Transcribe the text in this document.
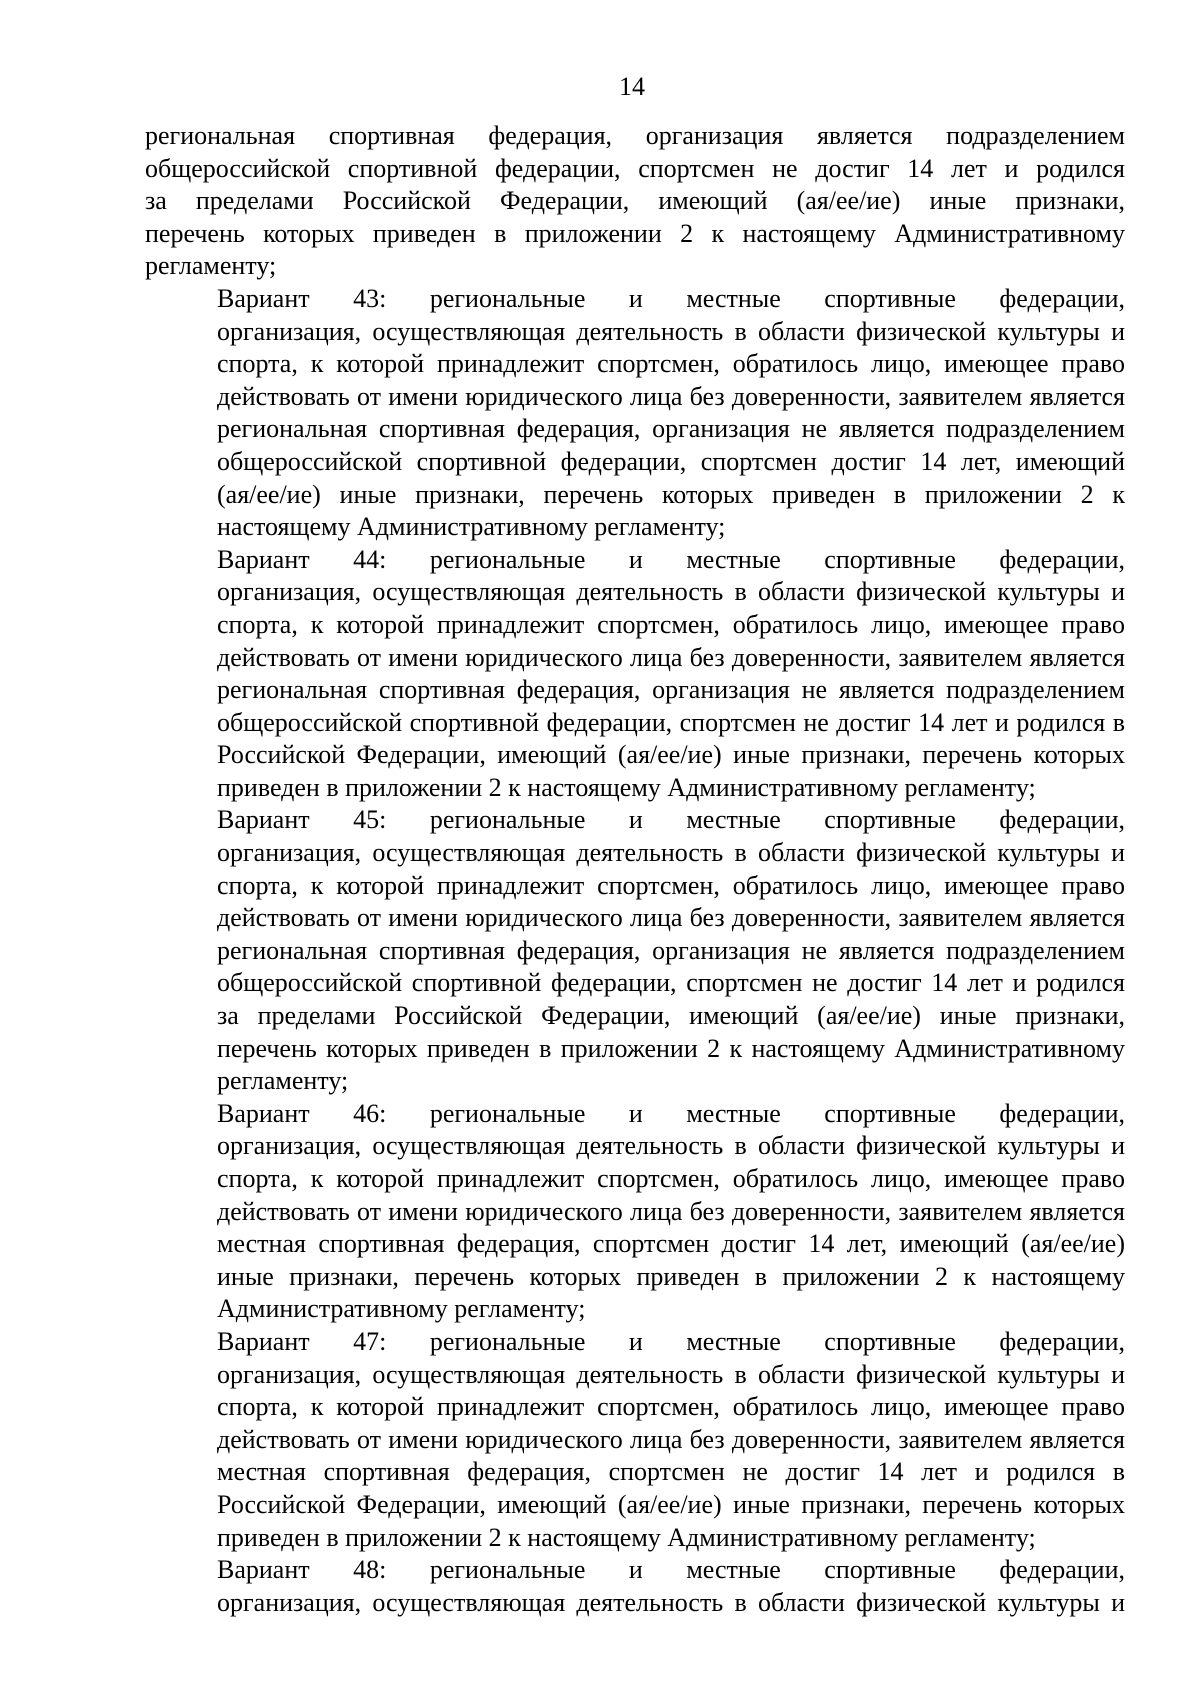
14
региональная спортивная федерация, организация является подразделением
общероссийской спортивной федерации, спортсмен не достиг 14 лет и родился
за пределами Российской Федерации, имеющий (ая/ее/ие) иные признаки,
перечень которых приведен в приложении 2 к настоящему Административному
регламенту;
Вариант 43: региональные и местные спортивные федерации,
организация, осуществляющая деятельность в области физической культуры и
спорта, к которой принадлежит спортсмен, обратилось лицо, имеющее право
действовать от имени юридического лица без доверенности, заявителем является
региональная спортивная федерация, организация не является подразделением
общероссийской спортивной федерации, спортсмен достиг 14 лет, имеющий
(ая/ее/ие) иные признаки, перечень которых приведен в приложении 2 к
настоящему Административному регламенту;
Вариант 44: региональные и местные спортивные федерации,
организация, осуществляющая деятельность в области физической культуры и
спорта, к которой принадлежит спортсмен, обратилось лицо, имеющее право
действовать от имени юридического лица без доверенности, заявителем является
региональная спортивная федерация, организация не является подразделением
общероссийской спортивной федерации, спортсмен не достиг 14 лет и родился в
Российской Федерации, имеющий (ая/ее/ие) иные признаки, перечень которых
приведен в приложении 2 к настоящему Административному регламенту;
Вариант 45: региональные и местные спортивные федерации,
организация, осуществляющая деятельность в области физической культуры и
спорта, к которой принадлежит спортсмен, обратилось лицо, имеющее право
действовать от имени юридического лица без доверенности, заявителем является
региональная спортивная федерация, организация не является подразделением
общероссийской спортивной федерации, спортсмен не достиг 14 лет и родился
за пределами Российской Федерации, имеющий (ая/ее/ие) иные признаки,
перечень которых приведен в приложении 2 к настоящему Административному
регламенту;
Вариант 46: региональные и местные спортивные федерации,
организация, осуществляющая деятельность в области физической культуры и
спорта, к которой принадлежит спортсмен, обратилось лицо, имеющее право
действовать от имени юридического лица без доверенности, заявителем является
местная спортивная федерация, спортсмен достиг 14 лет, имеющий (ая/ее/ие)
иные признаки, перечень которых приведен в приложении 2 к настоящему
Административному регламенту;
Вариант 47: региональные и местные спортивные федерации,
организация, осуществляющая деятельность в области физической культуры и
спорта, к которой принадлежит спортсмен, обратилось лицо, имеющее право
действовать от имени юридического лица без доверенности, заявителем является
местная спортивная федерация, спортсмен не достиг 14 лет и родился в
Российской Федерации, имеющий (ая/ее/ие) иные признаки, перечень которых
приведен в приложении 2 к настоящему Административному регламенту;
Вариант 48: региональные и местные спортивные федерации,
организация, осуществляющая деятельность в области физической культуры и
